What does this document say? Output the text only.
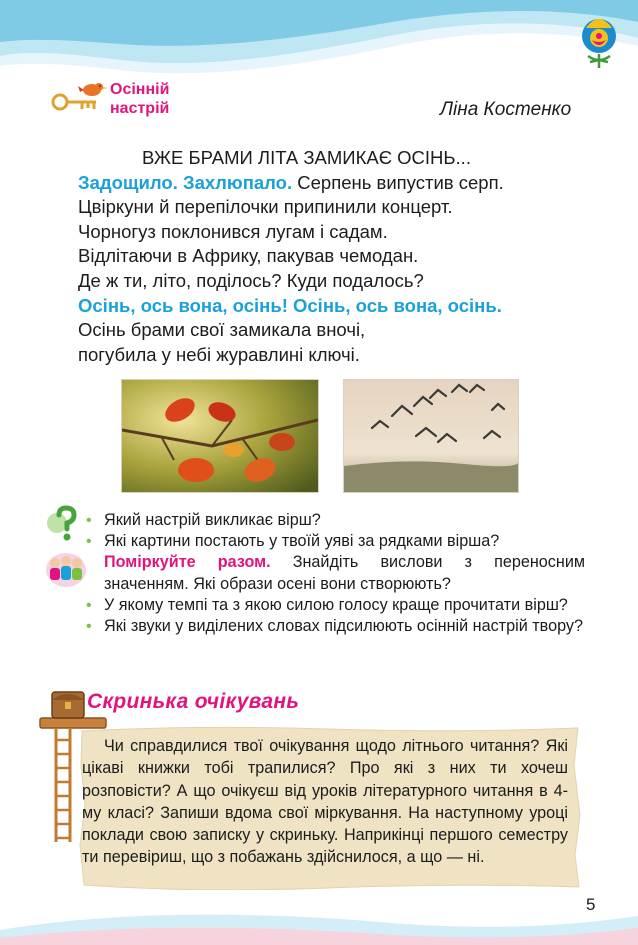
Осінній
настрій	Ліна Костенко
ВЖЕ БРАМИ ЛІТА ЗАМИКАЄ ОСІНЬ...
Задощило. Захлюпало. Серпень випустив серп.
Цвіркуни й перепілочки припинили концерт.
Чорногуз поклонився лугам і садам.
Відлітаючи в Африку, пакував чемодан.
Де ж ти, літо, поділось? Куди подалось?
Осінь, ось вона, осінь! Осінь, ось вона, осінь.
Осінь брами свої замикала вночі,
погубила у небі журавлині ключі.
• Який настрій викликає вірш?
• Які картини постають у твоїй уяві за рядками вірша?
Поміркуйте разом. Знайдіть вислови з переносним значенням. Які образи осені вони створюють?
• У якому темпі та з якою силою голосу краще прочитати вірш?
• Які звуки у виділених словах підсилюють осінній настрій твору?
Скринька очікувань
Чи справдилися твої очікування щодо літнього читання? Які цікаві книжки тобі трапилися? Про які з них ти хочеш розповісти? А що очікуєш від уроків літературного читання в 4-му класі? Запиши вдома свої міркування. На наступному уроці поклади свою записку у скриньку. Наприкінці першого семестру ти перевіриш, що з побажань здійснилося, а що — ні.
5
